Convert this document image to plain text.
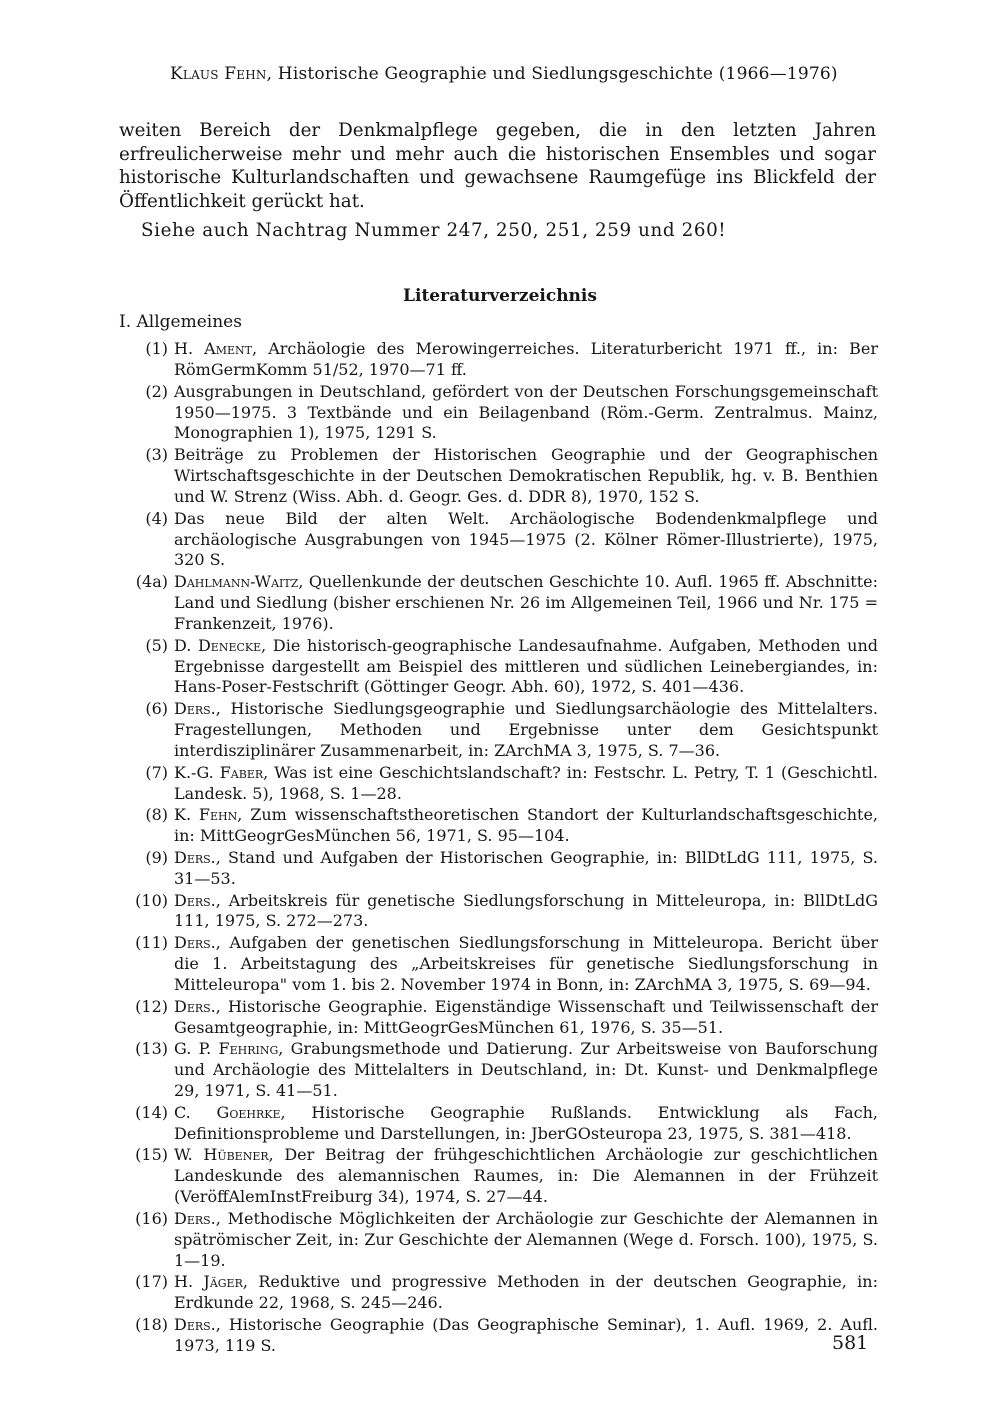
Klaus Fehn, Historische Geographie und Siedlungsgeschichte (1966—1976)

weiten Bereich der Denkmalpflege gegeben, die in den letzten Jahren erfreulicherweise mehr und mehr auch die historischen Ensembles und sogar historische Kulturlandschaften und gewachsene Raumgefüge ins Blickfeld der Öffentlichkeit gerückt hat.

Siehe auch Nachtrag Nummer 247, 250, 251, 259 und 260!

Literaturverzeichnis
I. Allgemeines
(1) H. Ament, Archäologie des Merowingerreiches. Literaturbericht 1971 ff., in: Ber RömGermKomm 51/52, 1970—71 ff.
(2) Ausgrabungen in Deutschland, gefördert von der Deutschen Forschungsgemeinschaft 1950—1975. 3 Textbände und ein Beilagenband (Röm.-Germ. Zentralmus. Mainz, Monographien 1), 1975, 1291 S.
(3) Beiträge zu Problemen der Historischen Geographie und der Geographischen Wirtschaftsgeschichte in der Deutschen Demokratischen Republik, hg. v. B. Benthien und W. Strenz (Wiss. Abh. d. Geogr. Ges. d. DDR 8), 1970, 152 S.
(4) Das neue Bild der alten Welt. Archäologische Bodendenkmalpflege und archäologische Ausgrabungen von 1945—1975 (2. Kölner Römer-Illustrierte), 1975, 320 S.
(4a) Dahlmann-Waitz, Quellenkunde der deutschen Geschichte 10. Aufl. 1965 ff. Abschnitte: Land und Siedlung (bisher erschienen Nr. 26 im Allgemeinen Teil, 1966 und Nr. 175 = Frankenzeit, 1976).
(5) D. Denecke, Die historisch-geographische Landesaufnahme. Aufgaben, Methoden und Ergebnisse dargestellt am Beispiel des mittleren und südlichen Leinebergiandes, in: Hans-Poser-Festschrift (Göttinger Geogr. Abh. 60), 1972, S. 401—436.
(6) Ders., Historische Siedlungsgeographie und Siedlungsarchäologie des Mittelalters. Fragestellungen, Methoden und Ergebnisse unter dem Gesichtspunkt interdisziplinärer Zusammenarbeit, in: ZArchMA 3, 1975, S. 7—36.
(7) K.-G. Faber, Was ist eine Geschichtslandschaft? in: Festschr. L. Petry, T. 1 (Geschichtl. Landesk. 5), 1968, S. 1—28.
(8) K. Fehn, Zum wissenschaftstheoretischen Standort der Kulturlandschaftsgeschichte, in: MittGeogrGesMünchen 56, 1971, S. 95—104.
(9) Ders., Stand und Aufgaben der Historischen Geographie, in: BllDtLdG 111, 1975, S. 31—53.
(10) Ders., Arbeitskreis für genetische Siedlungsforschung in Mitteleuropa, in: BllDtLdG 111, 1975, S. 272—273.
(11) Ders., Aufgaben der genetischen Siedlungsforschung in Mitteleuropa. Bericht über die 1. Arbeitstagung des „Arbeitskreises für genetische Siedlungsforschung in Mitteleuropa" vom 1. bis 2. November 1974 in Bonn, in: ZArchMA 3, 1975, S. 69—94.
(12) Ders., Historische Geographie. Eigenständige Wissenschaft und Teilwissenschaft der Gesamtgeographie, in: MittGeogrGesMünchen 61, 1976, S. 35—51.
(13) G. P. Fehring, Grabungsmethode und Datierung. Zur Arbeitsweise von Bauforschung und Archäologie des Mittelalters in Deutschland, in: Dt. Kunst- und Denkmalpflege 29, 1971, S. 41—51.
(14) C. Goehrke, Historische Geographie Rußlands. Entwicklung als Fach, Definitionsprobleme und Darstellungen, in: JberGOsteuropa 23, 1975, S. 381—418.
(15) W. Hübener, Der Beitrag der frühgeschichtlichen Archäologie zur geschichtlichen Landeskunde des alemannischen Raumes, in: Die Alemannen in der Frühzeit (VeröffAlemInstFreiburg 34), 1974, S. 27—44.
(16) Ders., Methodische Möglichkeiten der Archäologie zur Geschichte der Alemannen in spätrömischer Zeit, in: Zur Geschichte der Alemannen (Wege d. Forsch. 100), 1975, S. 1—19.
(17) H. Jäger, Reduktive und progressive Methoden in der deutschen Geographie, in: Erdkunde 22, 1968, S. 245—246.
(18) Ders., Historische Geographie (Das Geographische Seminar), 1. Aufl. 1969, 2. Aufl. 1973, 119 S.	581
